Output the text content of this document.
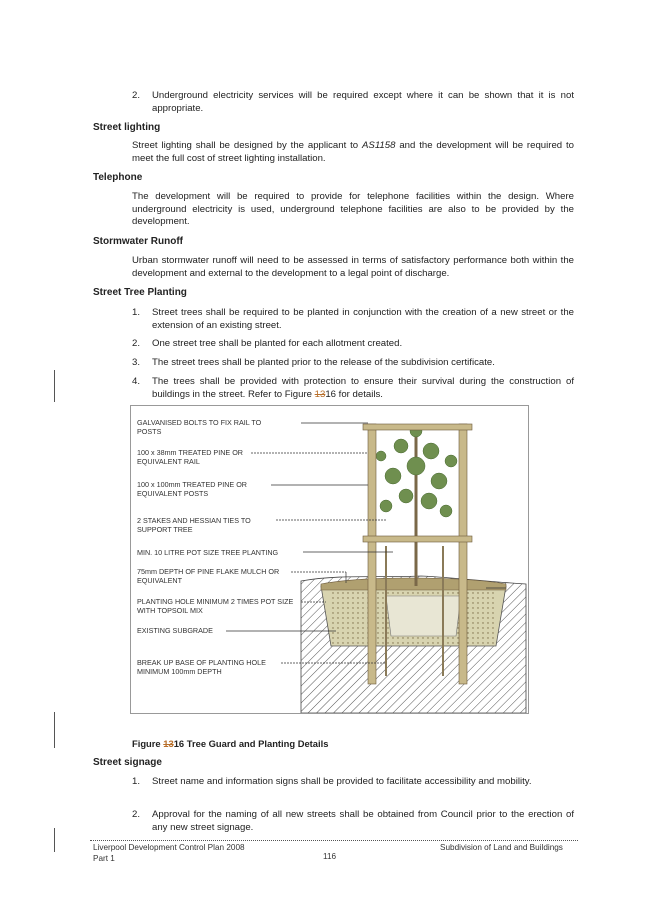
2. Underground electricity services will be required except where it can be shown that it is not appropriate.
Street lighting
Street lighting shall be designed by the applicant to AS1158 and the development will be required to meet the full cost of street lighting installation.
Telephone
The development will be required to provide for telephone facilities within the design. Where underground electricity is used, underground telephone facilities are also to be provided by the development.
Stormwater Runoff
Urban stormwater runoff will need to be assessed in terms of satisfactory performance both within the development and external to the development to a legal point of discharge.
Street Tree Planting
1. Street trees shall be required to be planted in conjunction with the creation of a new street or the extension of an existing street.
2. One street tree shall be planted for each allotment created.
3. The street trees shall be planted prior to the release of the subdivision certificate.
4. The trees shall be provided with protection to ensure their survival during the construction of buildings in the street. Refer to Figure 1316 for details.
GALVANISED BOLTS TO FIX RAIL TO POSTS
100 x 38mm TREATED PINE OR EQUIVALENT RAIL
100 x 100mm TREATED PINE OR EQUIVALENT POSTS
2 STAKES AND HESSIAN TIES TO SUPPORT TREE
MIN. 10 LITRE POT SIZE TREE PLANTING
75mm DEPTH OF PINE FLAKE MULCH OR EQUIVALENT
PLANTING HOLE MINIMUM 2 TIMES POT SIZE WITH TOPSOIL MIX
EXISTING SUBGRADE
BREAK UP BASE OF PLANTING HOLE MINIMUM 100mm DEPTH
Figure 1316 Tree Guard and Planting Details
Street signage
1. Street name and information signs shall be provided to facilitate accessibility and mobility.
2. Approval for the naming of all new streets shall be obtained from Council prior to the erection of any new street signage.
Liverpool Development Control Plan 2008
Part 1	116
Subdivision of Land and Buildings
